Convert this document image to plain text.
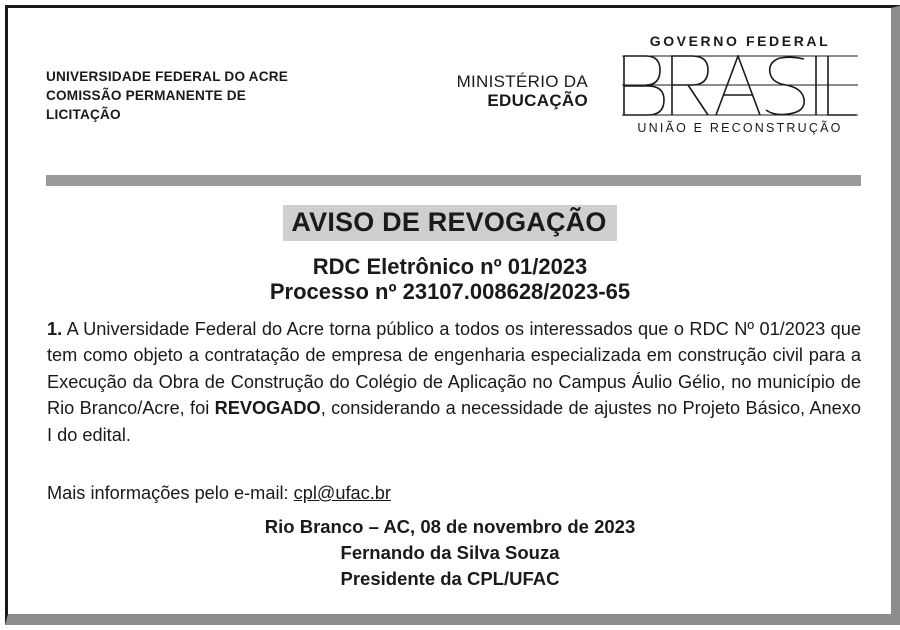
UNIVERSIDADE FEDERAL DO ACRE
COMISSÃO PERMANENTE DE
LICITAÇÃO
MINISTÉRIO DA
EDUCAÇÃO
GOVERNO FEDERAL
UNIÃO E RECONSTRUÇÃO
AVISO DE REVOGAÇÃO
RDC Eletrônico nº 01/2023
Processo nº 23107.008628/2023-65
1. A Universidade Federal do Acre torna público a todos os interessados que o RDC Nº 01/2023 que tem como objeto a contratação de empresa de engenharia especializada em construção civil para a Execução da Obra de Construção do Colégio de Aplicação no Campus Áulio Gélio, no município de Rio Branco/Acre, foi REVOGADO, considerando a necessidade de ajustes no Projeto Básico, Anexo I do edital.
Mais informações pelo e-mail: cpl@ufac.br
Rio Branco – AC, 08 de novembro de 2023
Fernando da Silva Souza
Presidente da CPL/UFAC
